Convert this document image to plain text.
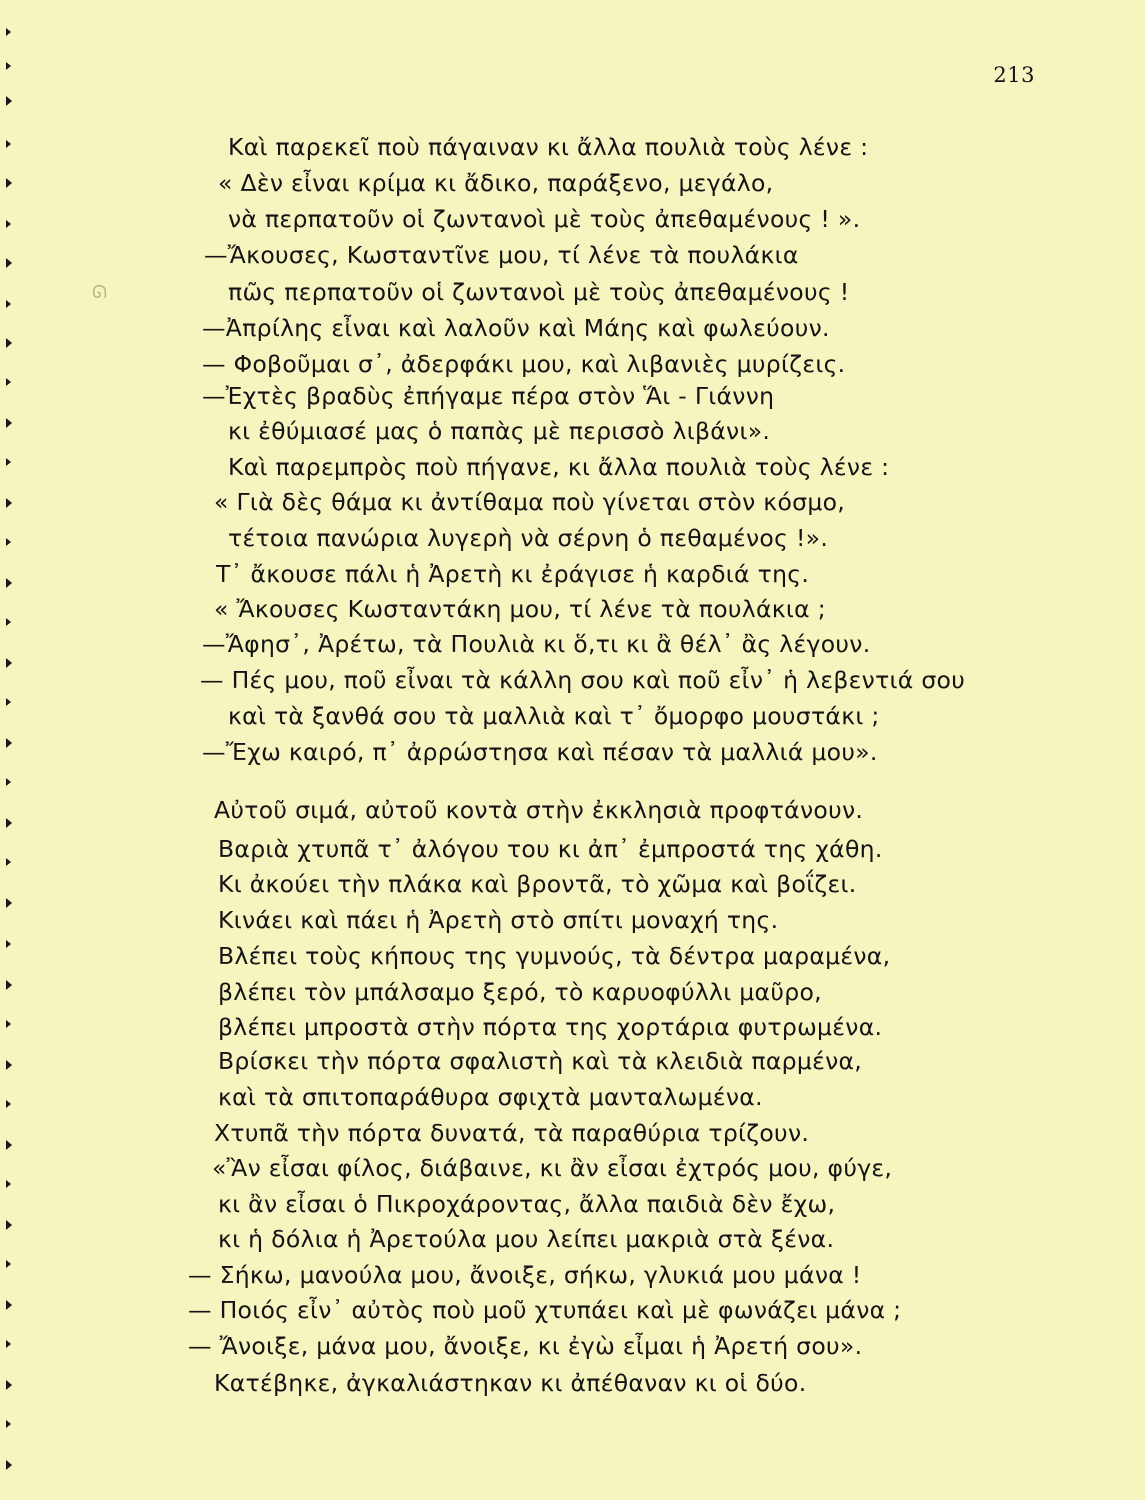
213
ᘏ
Καὶ παρεκεῖ ποὺ πάγαιναν κι ἄλλα πουλιὰ τοὺς λένε :
« Δὲν εἶναι κρίμα κι ἄδικο, παράξενο, μεγάλο,
νὰ περπατοῦν οἱ ζωντανοὶ μὲ τοὺς ἀπεθαμένους ! ».
—Ἄκουσες, Κωσταντῖνε μου, τί λένε τὰ πουλάκια
πῶς περπατοῦν οἱ ζωντανοὶ μὲ τοὺς ἀπεθαμένους !
—Ἀπρίλης εἶναι καὶ λαλοῦν καὶ Μάης καὶ φωλεύουν.
— Φοβοῦμαι σ᾽, ἀδερφάκι μου, καὶ λιβανιὲς μυρίζεις.
—Ἐχτὲς βραδὺς ἐπήγαμε πέρα στὸν Ἅι - Γιάννη
κι ἐθύμιασέ μας ὁ παπὰς μὲ περισσὸ λιβάνι».
Καὶ παρεμπρὸς ποὺ πήγανε, κι ἄλλα πουλιὰ τοὺς λένε :
« Γιὰ δὲς θάμα κι ἀντίθαμα ποὺ γίνεται στὸν κόσμο,
τέτοια πανώρια λυγερὴ νὰ σέρνη ὁ πεθαμένος !».
Τ᾽ ἄκουσε πάλι ἡ Ἀρετὴ κι ἐράγισε ἡ καρδιά της.
« Ἄκουσες Κωσταντάκη μου, τί λένε τὰ πουλάκια ;
—Ἄφησ᾽, Ἀρέτω, τὰ Πουλιὰ κι ὅ,τι κι ἂ θέλ᾽ ἂς λέγουν.
— Πές μου, ποῦ εἶναι τὰ κάλλη σου καὶ ποῦ εἶν᾽ ἡ λεβεντιά σου
καὶ τὰ ξανθά σου τὰ μαλλιὰ καὶ τ᾽ ὄμορφο μουστάκι ;
—Ἔχω καιρό, π᾽ ἀρρώστησα καὶ πέσαν τὰ μαλλιά μου».
Αὐτοῦ σιμά, αὐτοῦ κοντὰ στὴν ἐκκλησιὰ προφτάνουν.
Βαριὰ χτυπᾶ τ᾽ ἀλόγου του κι ἀπ᾽ ἐμπροστά της χάθη.
Κι ἀκούει τὴν πλάκα καὶ βροντᾶ, τὸ χῶμα καὶ βοΐζει.
Κινάει καὶ πάει ἡ Ἀρετὴ στὸ σπίτι μοναχή της.
Βλέπει τοὺς κήπους της γυμνούς, τὰ δέντρα μαραμένα,
βλέπει τὸν μπάλσαμο ξερό, τὸ καρυοφύλλι μαῦρο,
βλέπει μπροστὰ στὴν πόρτα της χορτάρια φυτρωμένα.
Βρίσκει τὴν πόρτα σφαλιστὴ καὶ τὰ κλειδιὰ παρμένα,
καὶ τὰ σπιτοπαράθυρα σφιχτὰ μανταλωμένα.
Χτυπᾶ τὴν πόρτα δυνατά, τὰ παραθύρια τρίζουν.
«Ἂν εἶσαι φίλος, διάβαινε, κι ἂν εἶσαι ἐχτρός μου, φύγε,
κι ἂν εἶσαι ὁ Πικροχάροντας, ἄλλα παιδιὰ δὲν ἔχω,
κι ἡ δόλια ἡ Ἀρετούλα μου λείπει μακριὰ στὰ ξένα.
— Σήκω, μανούλα μου, ἄνοιξε, σήκω, γλυκιά μου μάνα !
— Ποιός εἶν᾽ αὐτὸς ποὺ μοῦ χτυπάει καὶ μὲ φωνάζει μάνα ;
— Ἄνοιξε, μάνα μου, ἄνοιξε, κι ἐγὼ εἶμαι ἡ Ἀρετή σου».
Κατέβηκε, ἀγκαλιάστηκαν κι ἀπέθαναν κι οἱ δύο.
